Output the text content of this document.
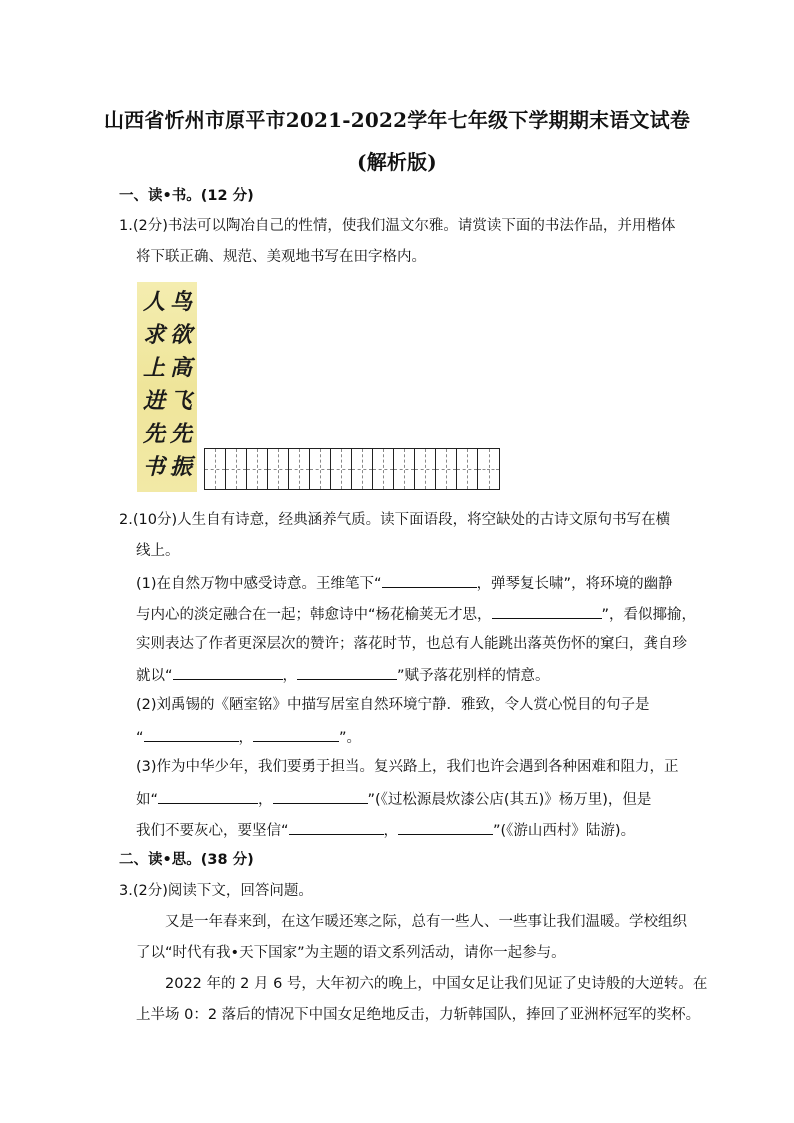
山西省忻州市原平市2021-2022学年七年级下学期期末语文试卷
(解析版)
一、读•书。(12 分)
1.(2分)书法可以陶冶自己的性情，使我们温文尔雅。请赏读下面的书法作品，并用楷体
将下联正确、规范、美观地书写在田字格内。
鸟
欲
高
飞
先
振
人
求
上
进
先
书
2.(10分)人生自有诗意，经典涵养气质。读下面语段，将空缺处的古诗文原句书写在横
线上。
(1)在自然万物中感受诗意。王维笔下“	，弹琴复长啸”，将环境的幽静
与内心的淡定融合在一起；韩愈诗中“杨花榆荚无才思，	”，看似揶揄，
实则表达了作者更深层次的赞许；落花时节，也总有人能跳出落英伤怀的窠臼，龚自珍
就以“	，	”赋予落花别样的情意。
(2)刘禹锡的《陋室铭》中描写居室自然环境宁静．雅致，令人赏心悦目的句子是
“	，	”。
(3)作为中华少年，我们要勇于担当。复兴路上，我们也许会遇到各种困难和阻力，正
如“	，	”(《过松源晨炊漆公店(其五)》杨万里)，但是
我们不要灰心，要坚信“	，	”(《游山西村》陆游)。
二、读•思。(38 分)
3.(2分)阅读下文，回答问题。
又是一年春来到，在这乍暖还寒之际，总有一些人、一些事让我们温暖。学校组织
了以“时代有我•天下国家”为主题的语文系列活动，请你一起参与。
2022 年的 2 月 6 号，大年初六的晚上，中国女足让我们见证了史诗般的大逆转。在
上半场 0：2 落后的情况下中国女足绝地反击，力斩韩国队，捧回了亚洲杯冠军的奖杯。
